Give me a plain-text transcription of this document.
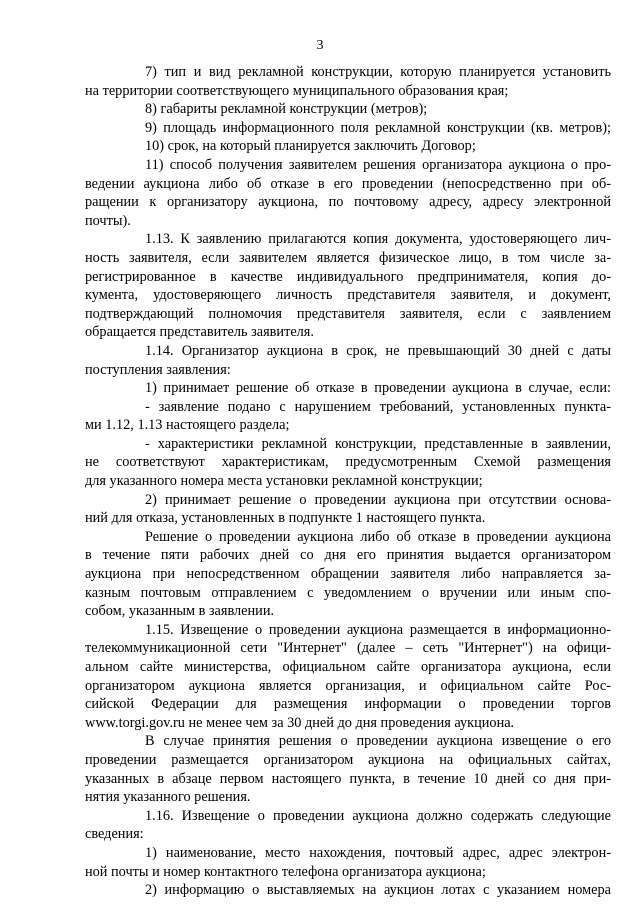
3
7) тип и вид рекламной конструкции, которую планируется установить
на территории соответствующего муниципального образования края;
8) габариты рекламной конструкции (метров);
9) площадь информационного поля рекламной конструкции (кв. метров);
10) срок, на который планируется заключить Договор;
11) способ получения заявителем решения организатора аукциона о про-
ведении аукциона либо об отказе в его проведении (непосредственно при об-
ращении к организатору аукциона, по почтовому адресу, адресу электронной
почты).
1.13. К заявлению прилагаются копия документа, удостоверяющего лич-
ность заявителя, если заявителем является физическое лицо, в том числе за-
регистрированное в качестве индивидуального предпринимателя, копия до-
кумента, удостоверяющего личность представителя заявителя, и документ,
подтверждающий полномочия представителя заявителя, если с заявлением
обращается представитель заявителя.
1.14. Организатор аукциона в срок, не превышающий 30 дней с даты
поступления заявления:
1) принимает решение об отказе в проведении аукциона в случае, если:
- заявление подано с нарушением требований, установленных пункта-
ми 1.12, 1.13 настоящего раздела;
- характеристики рекламной конструкции, представленные в заявлении,
не соответствуют характеристикам, предусмотренным Схемой размещения
для указанного номера места установки рекламной конструкции;
2) принимает решение о проведении аукциона при отсутствии основа-
ний для отказа, установленных в подпункте 1 настоящего пункта.
Решение о проведении аукциона либо об отказе в проведении аукциона
в течение пяти рабочих дней со дня его принятия выдается организатором
аукциона при непосредственном обращении заявителя либо направляется за-
казным почтовым отправлением с уведомлением о вручении или иным спо-
собом, указанным в заявлении.
1.15. Извещение о проведении аукциона размещается в информационно-
телекоммуникационной сети "Интернет" (далее – сеть "Интернет") на офици-
альном сайте министерства, официальном сайте организатора аукциона, если
организатором аукциона является организация, и официальном сайте Рос-
сийской Федерации для размещения информации о проведении торгов
www.torgi.gov.ru не менее чем за 30 дней до дня проведения аукциона.
В случае принятия решения о проведении аукциона извещение о его
проведении размещается организатором аукциона на официальных сайтах,
указанных в абзаце первом настоящего пункта, в течение 10 дней со дня при-
нятия указанного решения.
1.16. Извещение о проведении аукциона должно содержать следующие
сведения:
1) наименование, место нахождения, почтовый адрес, адрес электрон-
ной почты и номер контактного телефона организатора аукциона;
2) информацию о выставляемых на аукцион лотах с указанием номера
